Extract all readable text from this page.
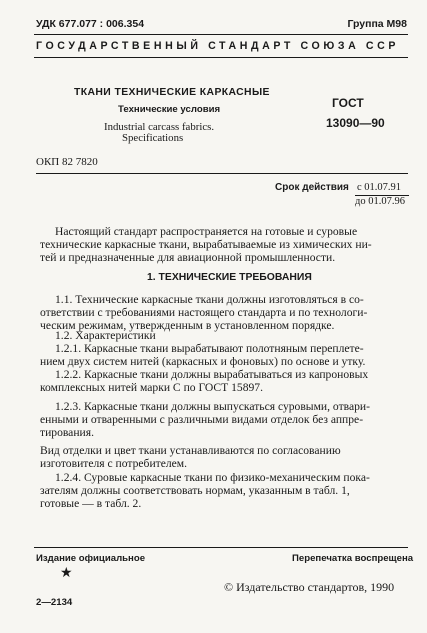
УДК 677.077 : 006.354	Группа М98
ГОСУДАРСТВЕННЫЙ СТАНДАРТ СОЮЗА ССР
ТКАНИ ТЕХНИЧЕСКИЕ КАРКАСНЫЕ
Технические условия
Industrial carcass fabrics.
Specifications
ГОСТ
13090—90
ОКП 82 7820
Срок действия с 01.07.91
до 01.07.96
Настоящий стандарт распространяется на готовые и суровые
технические каркасные ткани, вырабатываемые из химических ни-
тей и предназначенные для авиационной промышленности.
1. ТЕХНИЧЕСКИЕ ТРЕБОВАНИЯ
1.1. Технические каркасные ткани должны изготовляться в со-
ответствии с требованиями настоящего стандарта и по технологи-
ческим режимам, утвержденным в установленном порядке.
1.2. Характеристики
1.2.1. Каркасные ткани вырабатывают полотняным переплете-
нием двух систем нитей (каркасных и фоновых) по основе и утку.
1.2.2. Каркасные ткани должны вырабатываться из капроновых
комплексных нитей марки С по ГОСТ 15897.
1.2.3. Каркасные ткани должны выпускаться суровыми, отвари-
енными и отваренными с различными видами отделок без аппре-
тирования.
Вид отделки и цвет ткани устанавливаются по согласованию
изготовителя с потребителем.
1.2.4. Суровые каркасные ткани по физико-механическим пока-
зателям должны соответствовать нормам, указанным в табл. 1,
готовые — в табл. 2.
Издание официальное	Перепечатка воспрещена
★
© Издательство стандартов, 1990
2—2134
